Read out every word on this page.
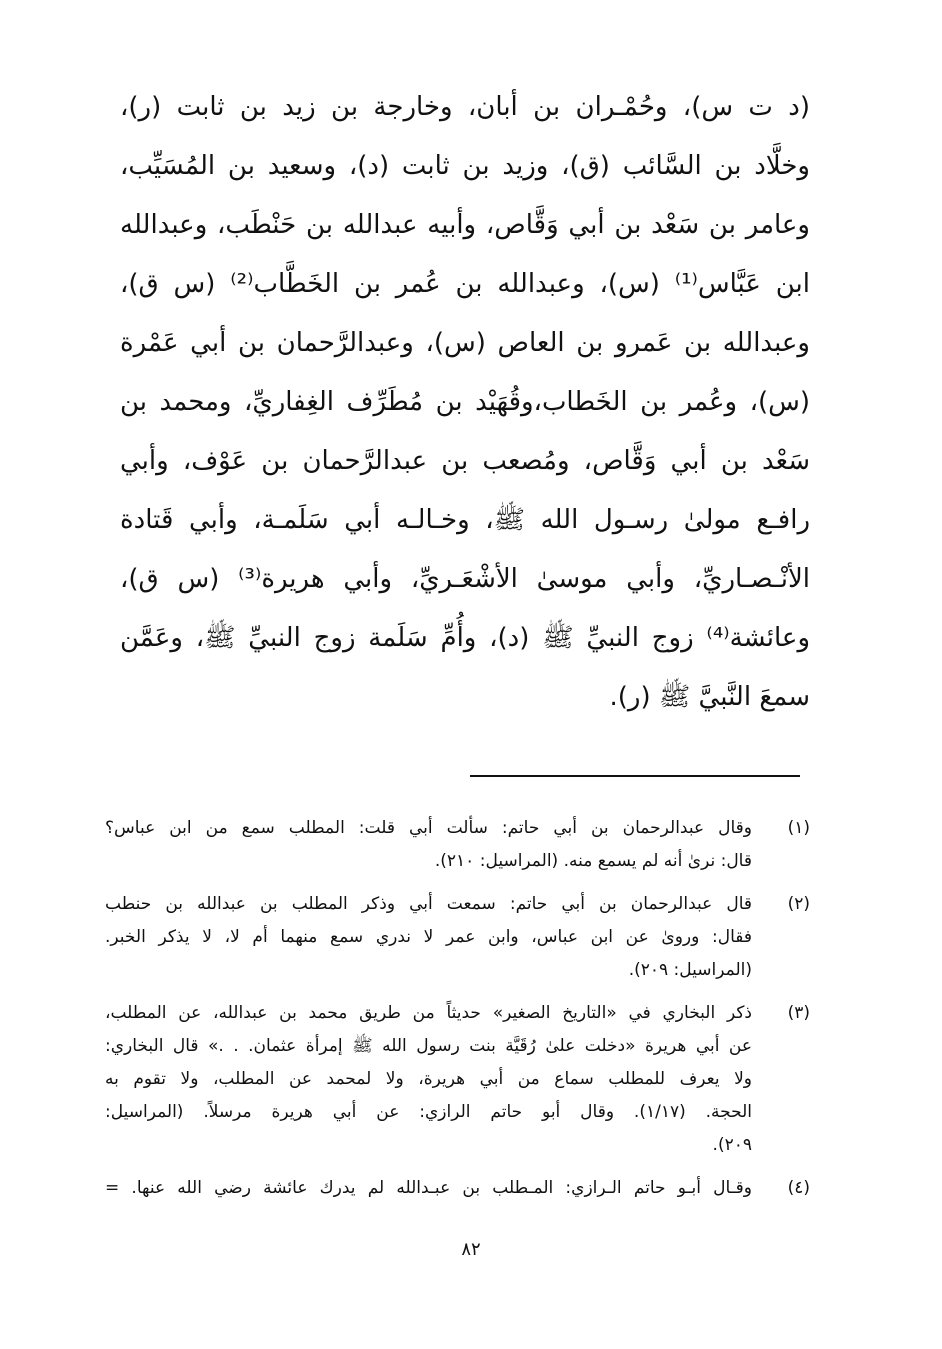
(د ت س)، وحُمْـران بن أبان، وخارجة بن زيد بن ثابت (ر)،
وخلَّاد بن السَّائب (ق)، وزيد بن ثابت (د)، وسعيد بن المُسَيِّب،
وعامر بن سَعْد بن أبي وَقَّاص، وأبيه عبدالله بن حَنْطَب، وعبدالله
ابن عَبَّاس⁽¹⁾ (س)، وعبدالله بن عُمر بن الخَطَّاب⁽²⁾ (س ق)،
وعبدالله بن عَمرو بن العاص (س)، وعبدالرَّحمان بن أبي عَمْرة
(س)، وعُمر بن الخَطاب،وقُهَيْد بن مُطَرِّف الغِفاريِّ، ومحمد بن
سَعْد بن أبي وَقَّاص، ومُصعب بن عبدالرَّحمان بن عَوْف، وأبي
رافـع مولىٰ رسـول الله ﷺ، وخـالـه أبي سَلَمـة، وأبي قَتادة
الأنْـصـاريِّ، وأبي موسىٰ الأشْعَـريِّ، وأبي هريرة⁽³⁾ (س ق)،
وعائشة⁽⁴⁾ زوج النبيِّ ﷺ (د)، وأُمِّ سَلَمة زوج النبيِّ ﷺ، وعَمَّن
سمعَ النَّبيَّ ﷺ (ر).
(١)
وقال عبدالرحمان بن أبي حاتم: سألت أبي قلت: المطلب سمع من ابن عباس؟
قال: نرىٰ أنه لم يسمع منه. (المراسيل: ٢١٠).
(٢)
قال عبدالرحمان بن أبي حاتم: سمعت أبي وذكر المطلب بن عبدالله بن حنطب
فقال: وروىٰ عن ابن عباس، وابن عمر لا ندري سمع منهما أم لا، لا يذكر الخبر.
(المراسيل: ٢٠٩).
(٣)
ذكر البخاري في «التاريخ الصغير» حديثاً من طريق محمد بن عبدالله، عن المطلب،
عن أبي هريرة «دخلت علىٰ رُقَيَّة بنت رسول الله ﷺ إمرأة عثمان. . .» قال البخاري:
ولا يعرف للمطلب سماع من أبي هريرة، ولا لمحمد عن المطلب، ولا تقوم به
الحجة. (١/١٧). وقال أبو حاتم الرازي: عن أبي هريرة مرسلاً. (المراسيل:
٢٠٩).
(٤)
وقـال أبـو حاتم الـرازي: المـطلب بن عبـدالله لم يدرك عائشة رضي الله عنها. =
٨٢
